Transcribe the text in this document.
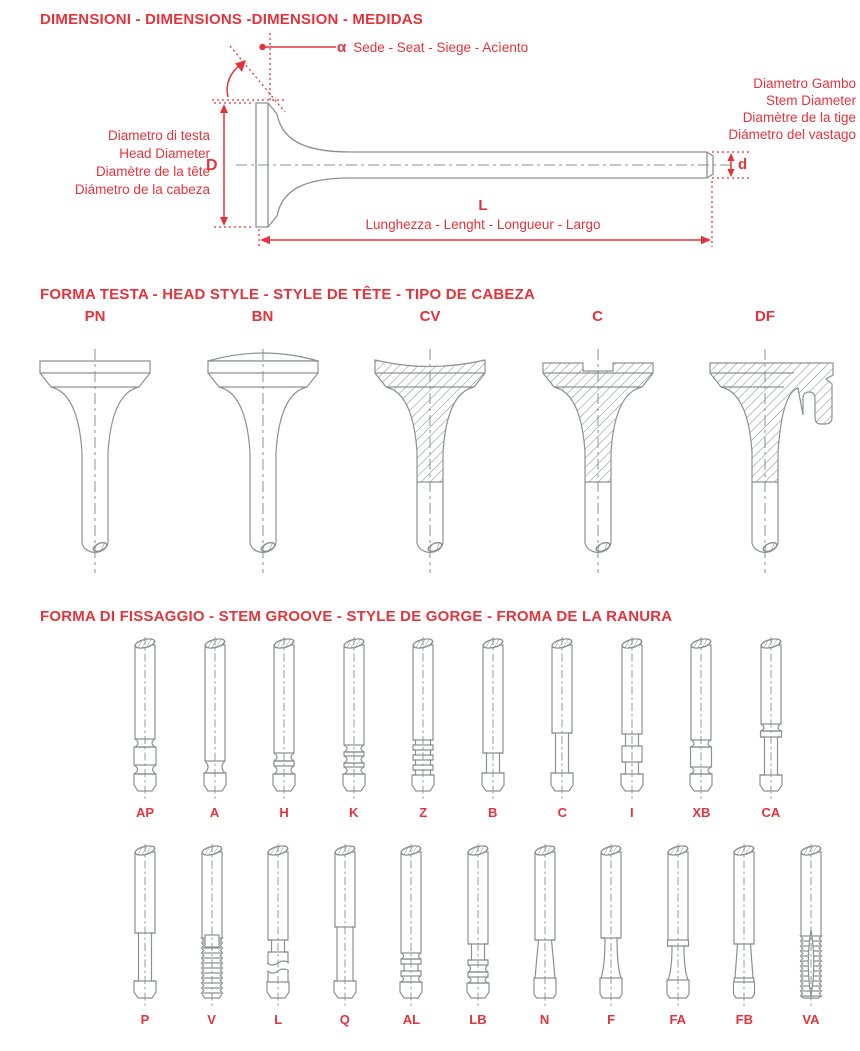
DIMENSIONI - DIMENSIONS -DIMENSION - MEDIDAS
α Sede - Seat - Siege - Acìento
Diametro Gambo
Stem Diameter
Diamètre de la tige
Diámetro del vastago
Diametro di testa
Head Diameter
Diamètre de la tête
Diámetro de la cabeza
D	d
L
Lunghezza - Lenght - Longueur - Largo
FORMA TESTA - HEAD STYLE - STYLE DE TÊTE - TIPO DE CABEZA
PN	BN	CV	C	DF
FORMA DI FISSAGGIO - STEM GROOVE - STYLE DE GORGE - FROMA DE LA RANURA
AP	A	H	K	Z	B	C	I	XB	CA
P	V	L	Q	AL	LB	N	F	FA	FB	VA
